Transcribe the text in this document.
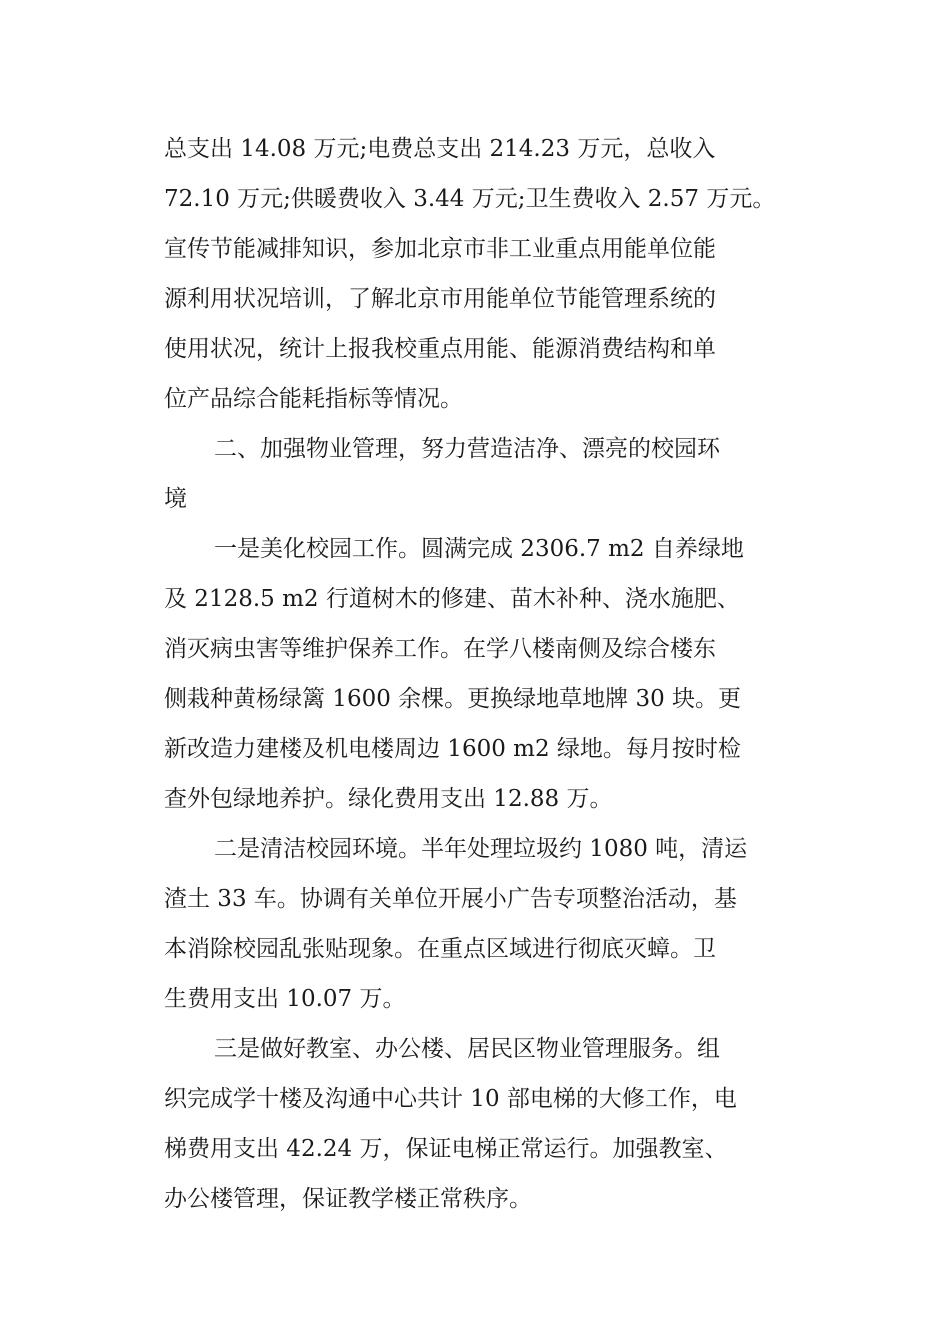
总支出 14.08 万元;电费总支出 214.23 万元，总收入
72.10 万元;供暖费收入 3.44 万元;卫生费收入 2.57 万元。
宣传节能减排知识，参加北京市非工业重点用能单位能
源利用状况培训，了解北京市用能单位节能管理系统的
使用状况，统计上报我校重点用能、能源消费结构和单
位产品综合能耗指标等情况。
二、加强物业管理，努力营造洁净、漂亮的校园环
境
一是美化校园工作。圆满完成 2306.7 m2 自养绿地
及 2128.5 m2 行道树木的修建、苗木补种、浇水施肥、
消灭病虫害等维护保养工作。在学八楼南侧及综合楼东
侧栽种黄杨绿篱 1600 余棵。更换绿地草地牌 30 块。更
新改造力建楼及机电楼周边 1600 m2 绿地。每月按时检
查外包绿地养护。绿化费用支出 12.88 万。
二是清洁校园环境。半年处理垃圾约 1080 吨，清运
渣土 33 车。协调有关单位开展小广告专项整治活动，基
本消除校园乱张贴现象。在重点区域进行彻底灭蟑。卫
生费用支出 10.07 万。
三是做好教室、办公楼、居民区物业管理服务。组
织完成学十楼及沟通中心共计 10 部电梯的大修工作，电
梯费用支出 42.24 万，保证电梯正常运行。加强教室、
办公楼管理，保证教学楼正常秩序。
